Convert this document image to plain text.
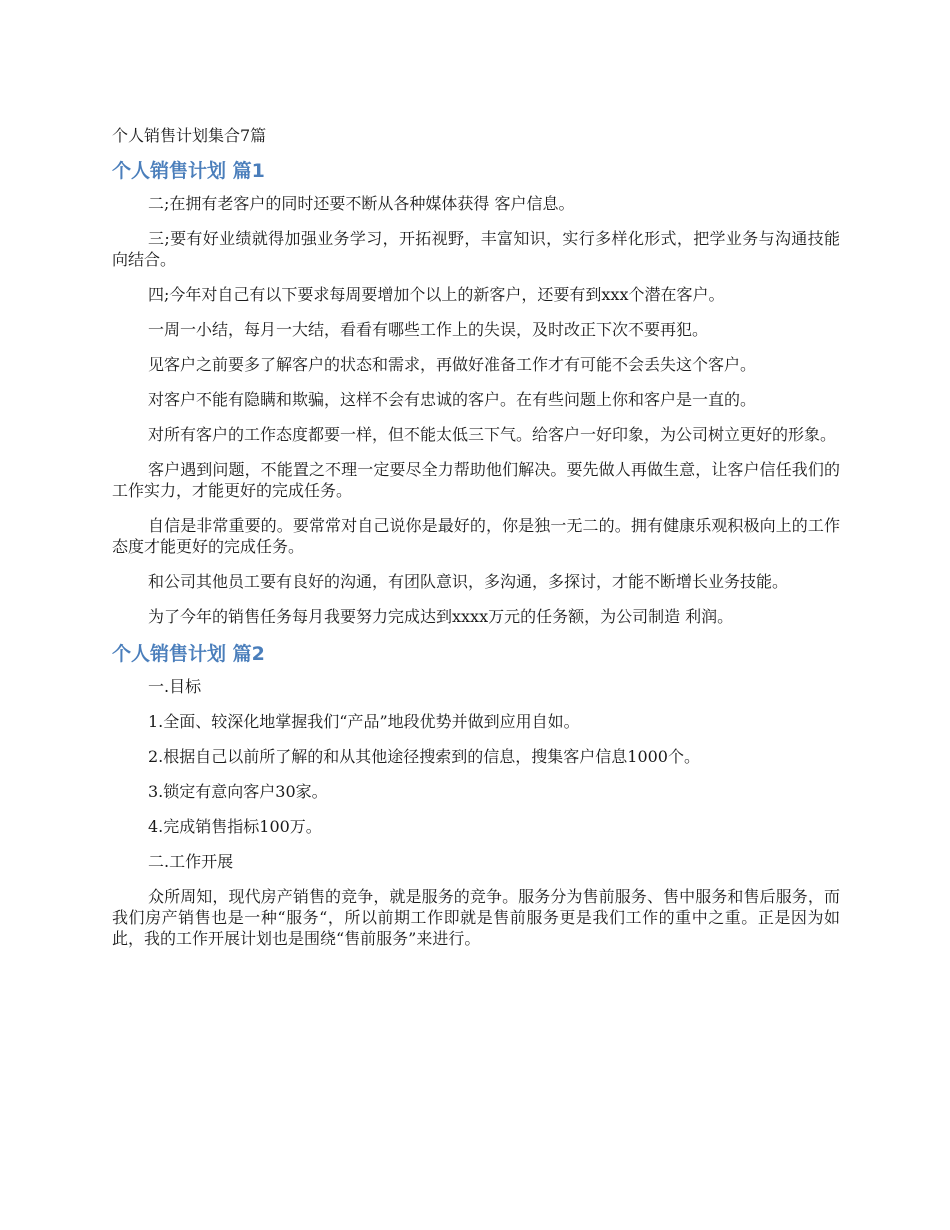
个人销售计划集合7篇
个人销售计划 篇1

二;在拥有老客户的同时还要不断从各种媒体获得 客户信息。

三;要有好业绩就得加强业务学习，开拓视野，丰富知识，实行多样化形式，把学业务与沟通技能向结合。

四;今年对自己有以下要求每周要增加个以上的新客户，还要有到xxx个潜在客户。

一周一小结，每月一大结，看看有哪些工作上的失误，及时改正下次不要再犯。

见客户之前要多了解客户的状态和需求，再做好准备工作才有可能不会丢失这个客户。

对客户不能有隐瞒和欺骗，这样不会有忠诚的客户。在有些问题上你和客户是一直的。

对所有客户的工作态度都要一样，但不能太低三下气。给客户一好印象，为公司树立更好的形象。

客户遇到问题，不能置之不理一定要尽全力帮助他们解决。要先做人再做生意，让客户信任我们的工作实力，才能更好的完成任务。

自信是非常重要的。要常常对自己说你是最好的，你是独一无二的。拥有健康乐观积极向上的工作态度才能更好的完成任务。

和公司其他员工要有良好的沟通，有团队意识，多沟通，多探讨，才能不断增长业务技能。

为了今年的销售任务每月我要努力完成达到xxxx万元的任务额，为公司制造 利润。

个人销售计划 篇2

一.目标

1.全面、较深化地掌握我们“产品”地段优势并做到应用自如。

2.根据自己以前所了解的和从其他途径搜索到的信息，搜集客户信息1000个。

3.锁定有意向客户30家。

4.完成销售指标100万。

二.工作开展

众所周知，现代房产销售的竞争，就是服务的竞争。服务分为售前服务、售中服务和售后服务，而我们房产销售也是一种“服务“，所以前期工作即就是售前服务更是我们工作的重中之重。正是因为如此，我的工作开展计划也是围绕“售前服务”来进行。
